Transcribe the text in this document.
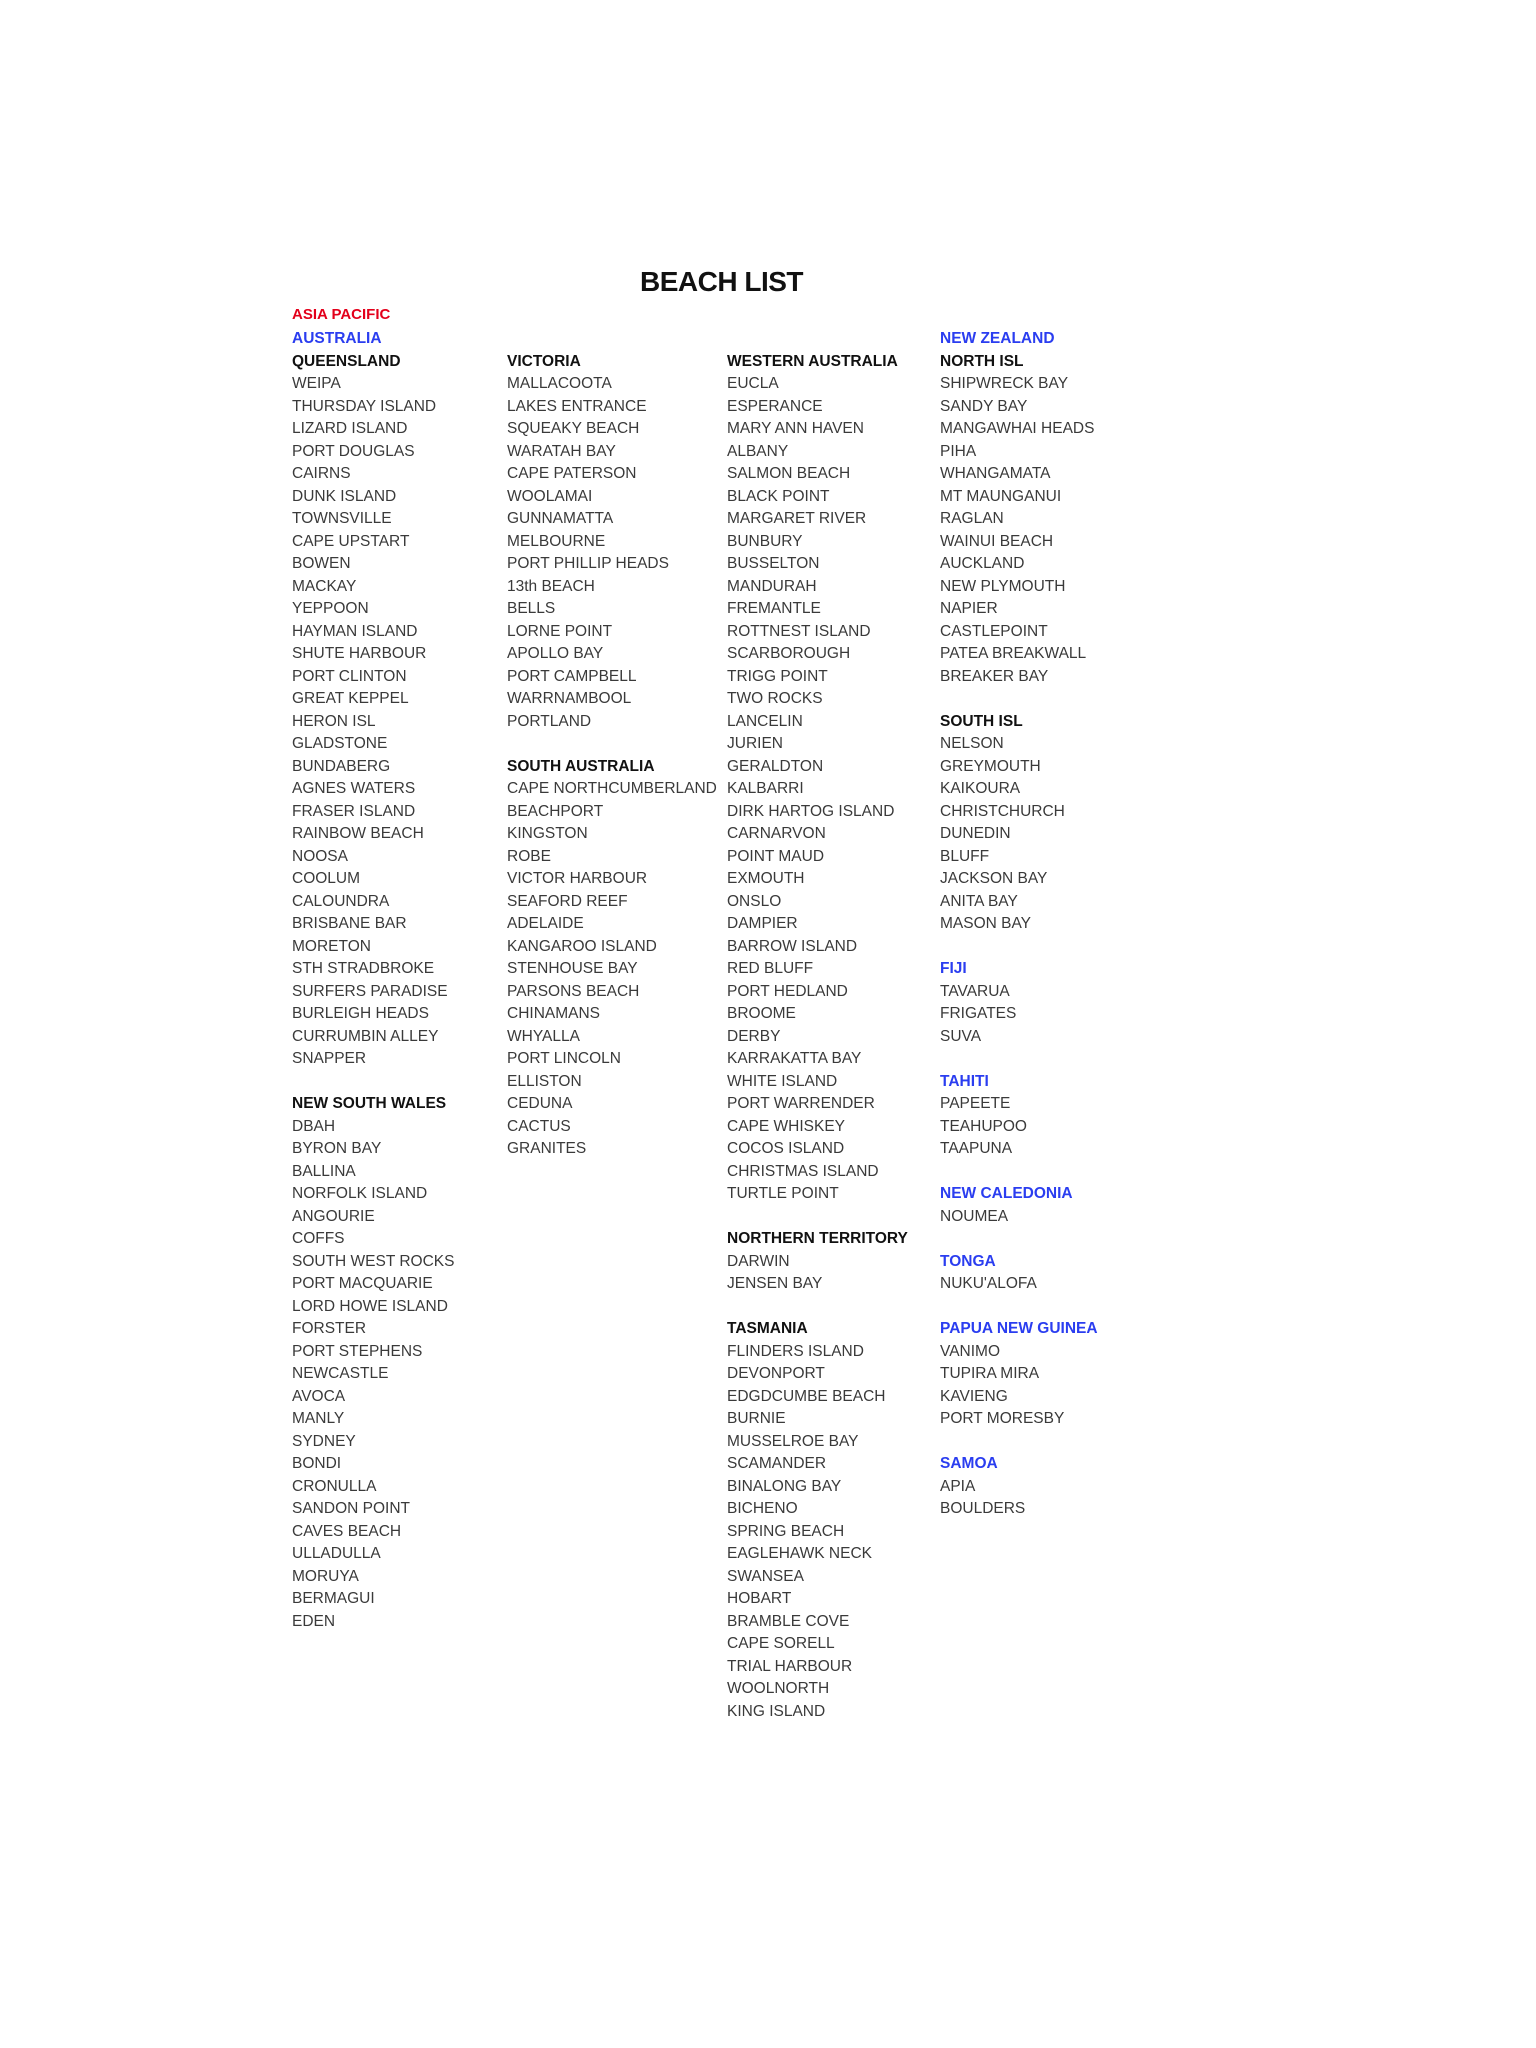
BEACH LIST
ASIA PACIFIC
AUSTRALIA
QUEENSLAND
WEIPA
THURSDAY ISLAND
LIZARD ISLAND
PORT DOUGLAS
CAIRNS
DUNK ISLAND
TOWNSVILLE
CAPE UPSTART
BOWEN
MACKAY
YEPPOON
HAYMAN ISLAND
SHUTE HARBOUR
PORT CLINTON
GREAT KEPPEL
HERON ISL
GLADSTONE
BUNDABERG
AGNES WATERS
FRASER ISLAND
RAINBOW BEACH
NOOSA
COOLUM
CALOUNDRA
BRISBANE BAR
MORETON
STH STRADBROKE
SURFERS PARADISE
BURLEIGH HEADS
CURRUMBIN ALLEY
SNAPPER
NEW SOUTH WALES
DBAH
BYRON BAY
BALLINA
NORFOLK ISLAND
ANGOURIE
COFFS
SOUTH WEST ROCKS
PORT MACQUARIE
LORD HOWE ISLAND
FORSTER
PORT STEPHENS
NEWCASTLE
AVOCA
MANLY
SYDNEY
BONDI
CRONULLA
SANDON POINT
CAVES BEACH
ULLADULLA
MORUYA
BERMAGUI
EDEN
VICTORIA
MALLACOOTA
LAKES ENTRANCE
SQUEAKY BEACH
WARATAH BAY
CAPE PATERSON
WOOLAMAI
GUNNAMATTA
MELBOURNE
PORT PHILLIP HEADS
13th BEACH
BELLS
LORNE POINT
APOLLO BAY
PORT CAMPBELL
WARRNAMBOOL
PORTLAND
SOUTH AUSTRALIA
CAPE NORTHCUMBERLAND
BEACHPORT
KINGSTON
ROBE
VICTOR HARBOUR
SEAFORD REEF
ADELAIDE
KANGAROO ISLAND
STENHOUSE BAY
PARSONS BEACH
CHINAMANS
WHYALLA
PORT LINCOLN
ELLISTON
CEDUNA
CACTUS
GRANITES
WESTERN AUSTRALIA
EUCLA
ESPERANCE
MARY ANN HAVEN
ALBANY
SALMON BEACH
BLACK POINT
MARGARET RIVER
BUNBURY
BUSSELTON
MANDURAH
FREMANTLE
ROTTNEST ISLAND
SCARBOROUGH
TRIGG POINT
TWO ROCKS
LANCELIN
JURIEN
GERALDTON
KALBARRI
DIRK HARTOG ISLAND
CARNARVON
POINT MAUD
EXMOUTH
ONSLO
DAMPIER
BARROW ISLAND
RED BLUFF
PORT HEDLAND
BROOME
DERBY
KARRAKATTA BAY
WHITE ISLAND
PORT WARRENDER
CAPE WHISKEY
COCOS ISLAND
CHRISTMAS ISLAND
TURTLE POINT
NORTHERN TERRITORY
DARWIN
JENSEN BAY
TASMANIA
FLINDERS ISLAND
DEVONPORT
EDGDCUMBE BEACH
BURNIE
MUSSELROE BAY
SCAMANDER
BINALONG BAY
BICHENO
SPRING BEACH
EAGLEHAWK NECK
SWANSEA
HOBART
BRAMBLE COVE
CAPE SORELL
TRIAL HARBOUR
WOOLNORTH
KING ISLAND
NEW ZEALAND
NORTH ISL
SHIPWRECK BAY
SANDY BAY
MANGAWHAI HEADS
PIHA
WHANGAMATA
MT MAUNGANUI
RAGLAN
WAINUI BEACH
AUCKLAND
NEW PLYMOUTH
NAPIER
CASTLEPOINT
PATEA BREAKWALL
BREAKER BAY
SOUTH ISL
NELSON
GREYMOUTH
KAIKOURA
CHRISTCHURCH
DUNEDIN
BLUFF
JACKSON BAY
ANITA BAY
MASON BAY
FIJI
TAVARUA
FRIGATES
SUVA
TAHITI
PAPEETE
TEAHUPOO
TAAPUNA
NEW CALEDONIA
NOUMEA
TONGA
NUKU'ALOFA
PAPUA NEW GUINEA
VANIMO
TUPIRA MIRA
KAVIENG
PORT MORESBY
SAMOA
APIA
BOULDERS
